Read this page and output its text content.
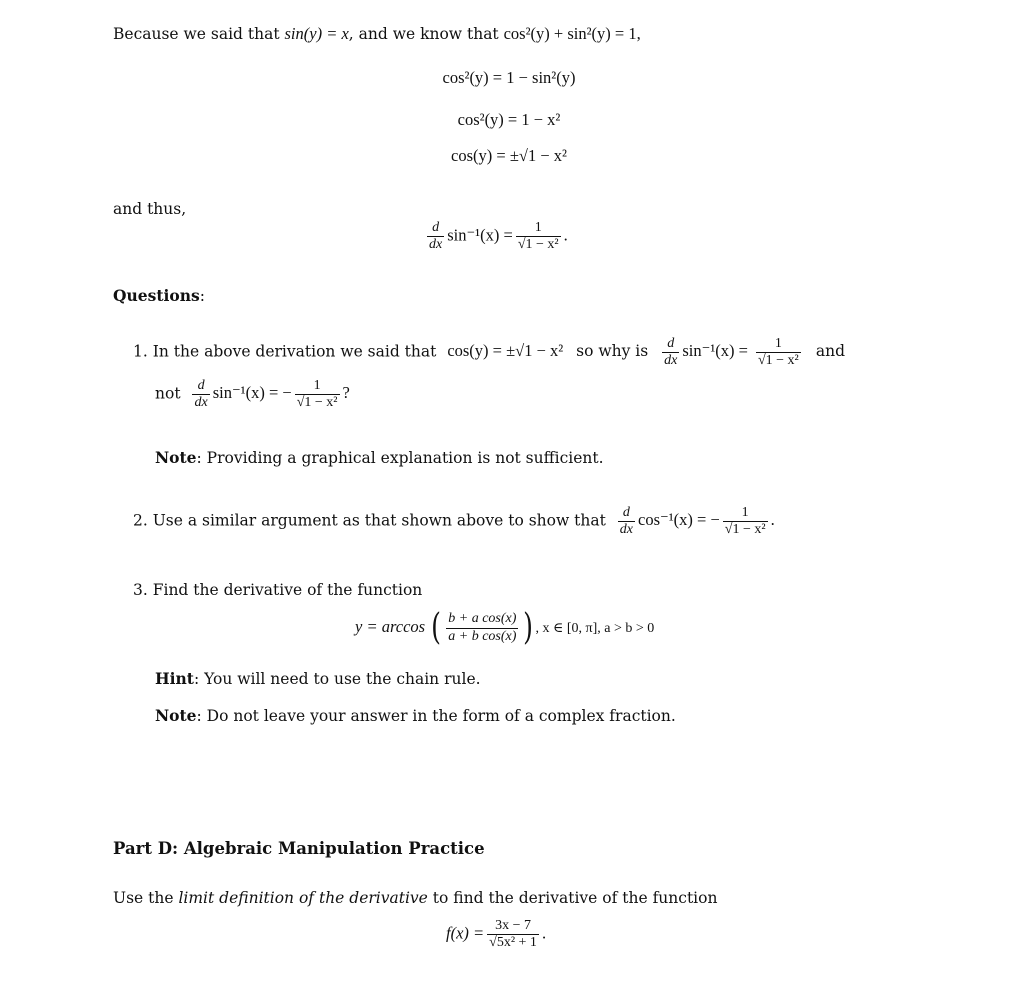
Because we said that sin(y) = x, and we know that cos²(y) + sin²(y) = 1,
cos²(y) = 1 − sin²(y)
cos²(y) = 1 − x²
cos(y) = ±√1 − x²
and thus,
$\frac{d}{dx} \sin^{-1}(x) = \frac{1}{\text{√1 − x²}}$ .
Questions:
1. In the above derivation we said that cos(y) = ±√1 − x² so why is $\frac{d}{dx} \sin^{-1}(x) = \frac{1}{\text{√1 − x²}}$ and
not $\frac{d}{dx} \sin^{-1}(x)$ = − $\frac{1}{\text{√1 − x²}}$ ?
Note: Providing a graphical explanation is not sufficient.
2. Use a similar argument as that shown above to show that $\frac{d}{dx} \cos^{-1}(x)$ = − $\frac{1}{\text{√1 − x²}}$ .
3. Find the derivative of the function
y = arccos ( $\frac{\text{b + a cos(x)}}{\text{a + b cos(x)}}$ ) , x ∈ [0, π], a > b > 0
Hint: You will need to use the chain rule.
Note: Do not leave your answer in the form of a complex fraction.
Part D: Algebraic Manipulation Practice
Use the limit definition of the derivative to find the derivative of the function
$f(x) = \frac{3x - 7}{\text{√5x² + 1}}$ .
